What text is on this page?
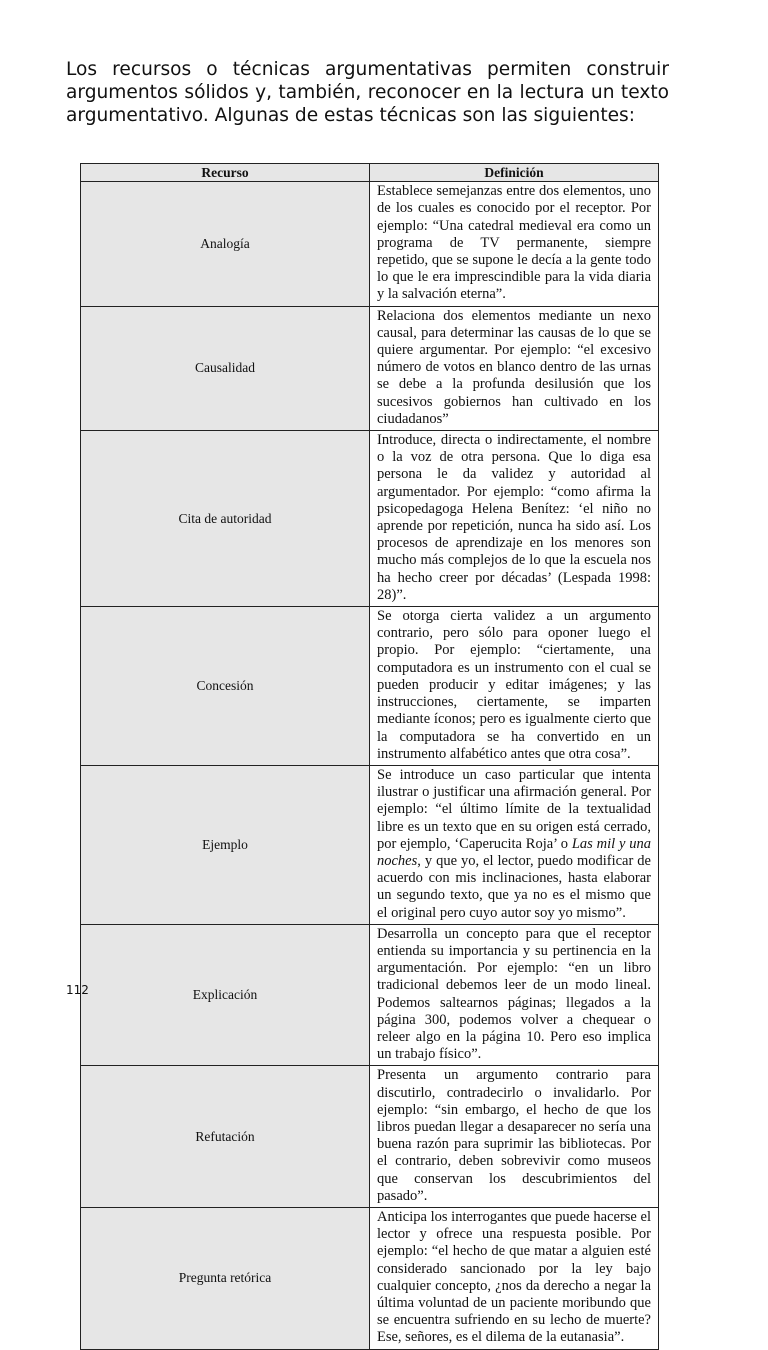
Los recursos o técnicas argumentativas permiten construir argumentos sólidos y, también, reconocer en la lectura un texto argumentativo. Algunas de estas técnicas son las siguientes:

Recurso	Definición
Analogía	Establece semejanzas entre dos elementos, uno de los cuales es conocido por el receptor. Por ejemplo: “Una catedral medieval era como un programa de TV permanente, siempre repetido, que se supone le decía a la gente todo lo que le era imprescindible para la vida diaria y la salvación eterna”.
Causalidad	Relaciona dos elementos mediante un nexo causal, para determinar las causas de lo que se quiere argumentar. Por ejemplo: “el excesivo número de votos en blanco dentro de las urnas se debe a la profunda desilusión que los sucesivos gobiernos han cultivado en los ciudadanos”
Cita de autoridad	Introduce, directa o indirectamente, el nombre o la voz de otra persona. Que lo diga esa persona le da validez y autoridad al argumentador. Por ejemplo: “como afirma la psicopedagoga Helena Benítez: ‘el niño no aprende por repetición, nunca ha sido así. Los procesos de aprendizaje en los menores son mucho más complejos de lo que la escuela nos ha hecho creer por décadas’ (Lespada 1998: 28)”.
Concesión	Se otorga cierta validez a un argumento contrario, pero sólo para oponer luego el propio. Por ejemplo: “ciertamente, una computadora es un instrumento con el cual se pueden producir y editar imágenes; y las instrucciones, ciertamente, se imparten mediante íconos; pero es igualmente cierto que la computadora se ha convertido en un instrumento alfabético antes que otra cosa”.
Ejemplo	Se introduce un caso particular que intenta ilustrar o justificar una afirmación general. Por ejemplo: “el último límite de la textualidad libre es un texto que en su origen está cerrado, por ejemplo, ‘Caperucita Roja’ o Las mil y una noches, y que yo, el lector, puedo modificar de acuerdo con mis inclinaciones, hasta elaborar un segundo texto, que ya no es el mismo que el original pero cuyo autor soy yo mismo”.
Explicación	Desarrolla un concepto para que el receptor entienda su importancia y su pertinencia en la argumentación. Por ejemplo: “en un libro tradicional debemos leer de un modo lineal. Podemos saltearnos páginas; llegados a la página 300, podemos volver a chequear o releer algo en la página 10. Pero eso implica un trabajo físico”.
Refutación	Presenta un argumento contrario para discutirlo, contradecirlo o invalidarlo. Por ejemplo: “sin embargo, el hecho de que los libros puedan llegar a desaparecer no sería una buena razón para suprimir las bibliotecas. Por el contrario, deben sobrevivir como museos que conservan los descubrimientos del pasado”.
Pregunta retórica	Anticipa los interrogantes que puede hacerse el lector y ofrece una respuesta posible. Por ejemplo: “el hecho de que matar a alguien esté considerado sancionado por la ley bajo cualquier concepto, ¿nos da derecho a negar la última voluntad de un paciente moribundo que se encuentra sufriendo en su lecho de muerte? Ese, señores, es el dilema de la eutanasia”.
112
